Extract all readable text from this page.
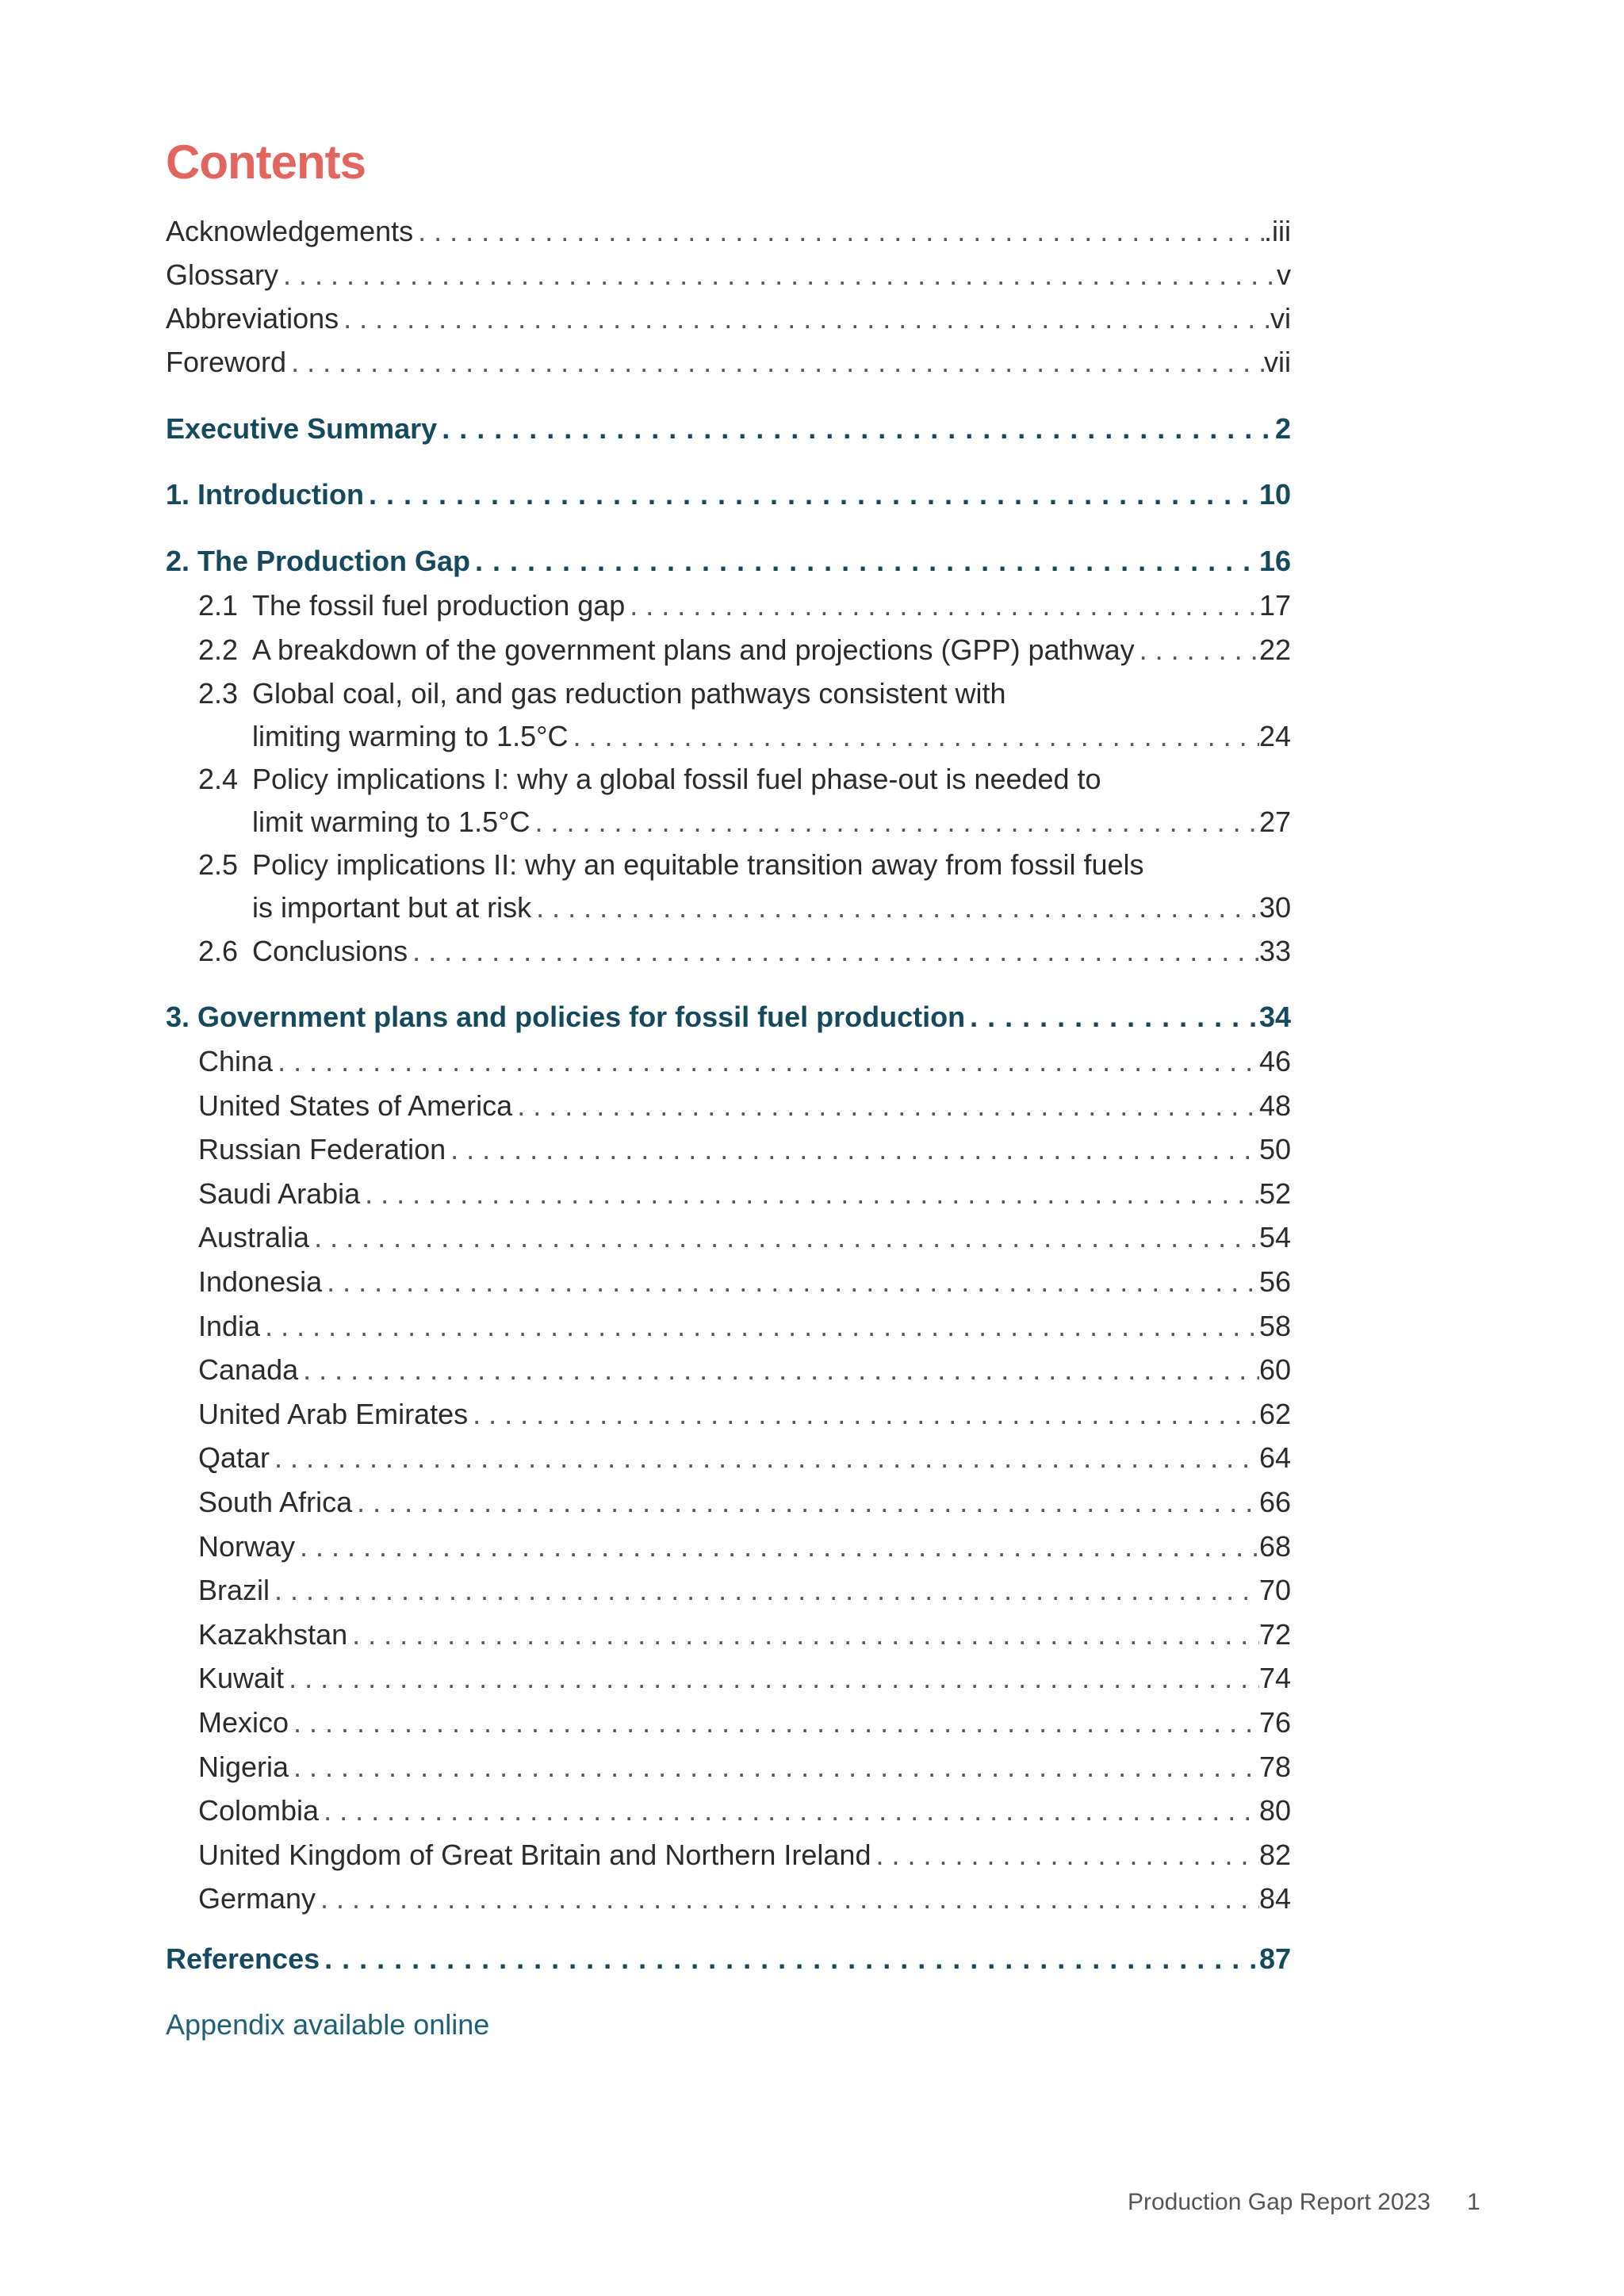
Contents
Acknowledgements .....	.iii
Glossary .....	v
Abbreviations .....	vi
Foreword .....	vii
Executive Summary .....	2
1. Introduction .....	10
2. The Production Gap .....	16
2.1 The fossil fuel production gap .....	17
2.2 A breakdown of the government plans and projections (GPP) pathway .....	22
2.3 Global coal, oil, and gas reduction pathways consistent with
limiting warming to 1.5°C .....	24
2.4 Policy implications I: why a global fossil fuel phase-out is needed to
limit warming to 1.5°C .....	27
2.5 Policy implications II: why an equitable transition away from fossil fuels
is important but at risk .....	30
2.6 Conclusions .....	33
3. Government plans and policies for fossil fuel production .....	34
China .....	46
United States of America .....	48
Russian Federation .....	50
Saudi Arabia .....	52
Australia .....	54
Indonesia .....	56
India .....	58
Canada .....	60
United Arab Emirates .....	62
Qatar .....	64
South Africa .....	66
Norway .....	68
Brazil .....	70
Kazakhstan .....	72
Kuwait .....	74
Mexico .....	76
Nigeria .....	78
Colombia .....	80
United Kingdom of Great Britain and Northern Ireland .....	82
Germany .....	84
References .....	87
Appendix available online
Production Gap Report 2023 1
